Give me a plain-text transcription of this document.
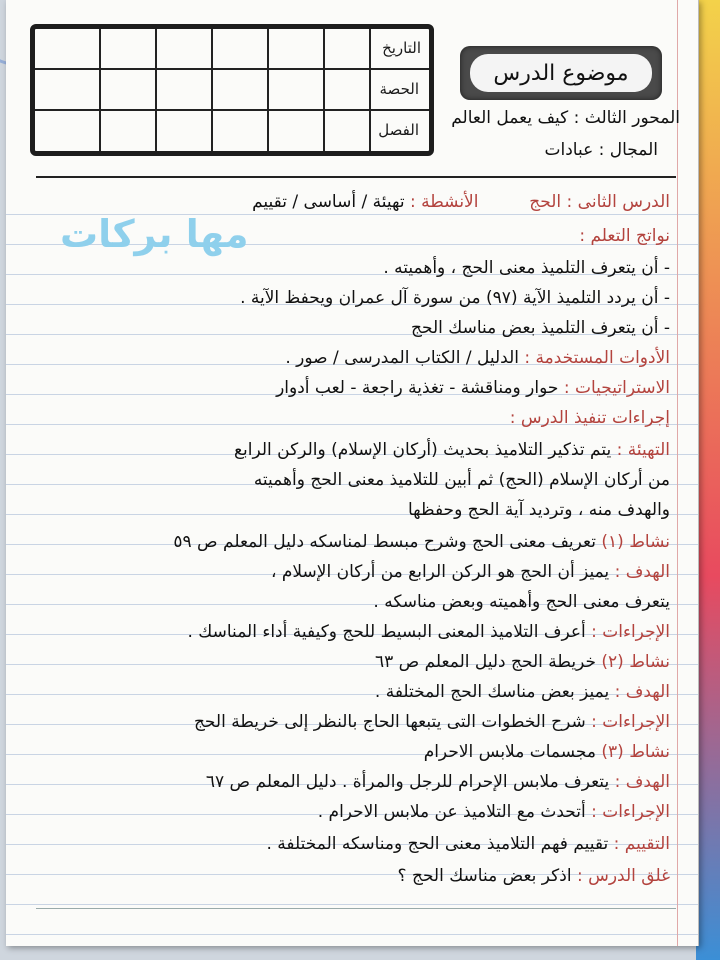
التاريخ
الحصة
الفصل
موضوع الدرس
المحور الثالث : كيف يعمل العالم
المجال : عبادات
الدرس الثانى : الحج  الأنشطة : تهيئة / أساسى / تقييم
مها بركات	نواتج التعلم :
- أن يتعرف التلميذ معنى الحج ، وأهميته .
- أن يردد التلميذ الآية (٩٧) من سورة آل عمران ويحفظ الآية .
- أن يتعرف التلميذ بعض مناسك الحج
الأدوات المستخدمة : الدليل / الكتاب المدرسى / صور .
الاستراتيجيات : حوار ومناقشة - تغذية راجعة - لعب أدوار
إجراءات تنفيذ الدرس :
التهيئة : يتم تذكير التلاميذ بحديث (أركان الإسلام) والركن الرابع
من أركان الإسلام (الحج) ثم أبين للتلاميذ معنى الحج وأهميته
والهدف منه ، وترديد آية الحج وحفظها
نشاط (١) تعريف معنى الحج وشرح مبسط لمناسكه دليل المعلم ص ٥٩
الهدف : يميز أن الحج هو الركن الرابع من أركان الإسلام ،
يتعرف معنى الحج وأهميته وبعض مناسكه .
الإجراءات : أعرف التلاميذ المعنى البسيط للحج وكيفية أداء المناسك .
نشاط (٢) خريطة الحج دليل المعلم ص ٦٣
الهدف : يميز بعض مناسك الحج المختلفة .
الإجراءات : شرح الخطوات التى يتبعها الحاج بالنظر إلى خريطة الحج
نشاط (٣) مجسمات ملابس الاحرام
الهدف : يتعرف ملابس الإحرام للرجل والمرأة . دليل المعلم ص ٦٧
الإجراءات : أتحدث مع التلاميذ عن ملابس الاحرام .
التقييم : تقييم فهم التلاميذ معنى الحج ومناسكه المختلفة .
غلق الدرس : اذكر بعض مناسك الحج ؟
